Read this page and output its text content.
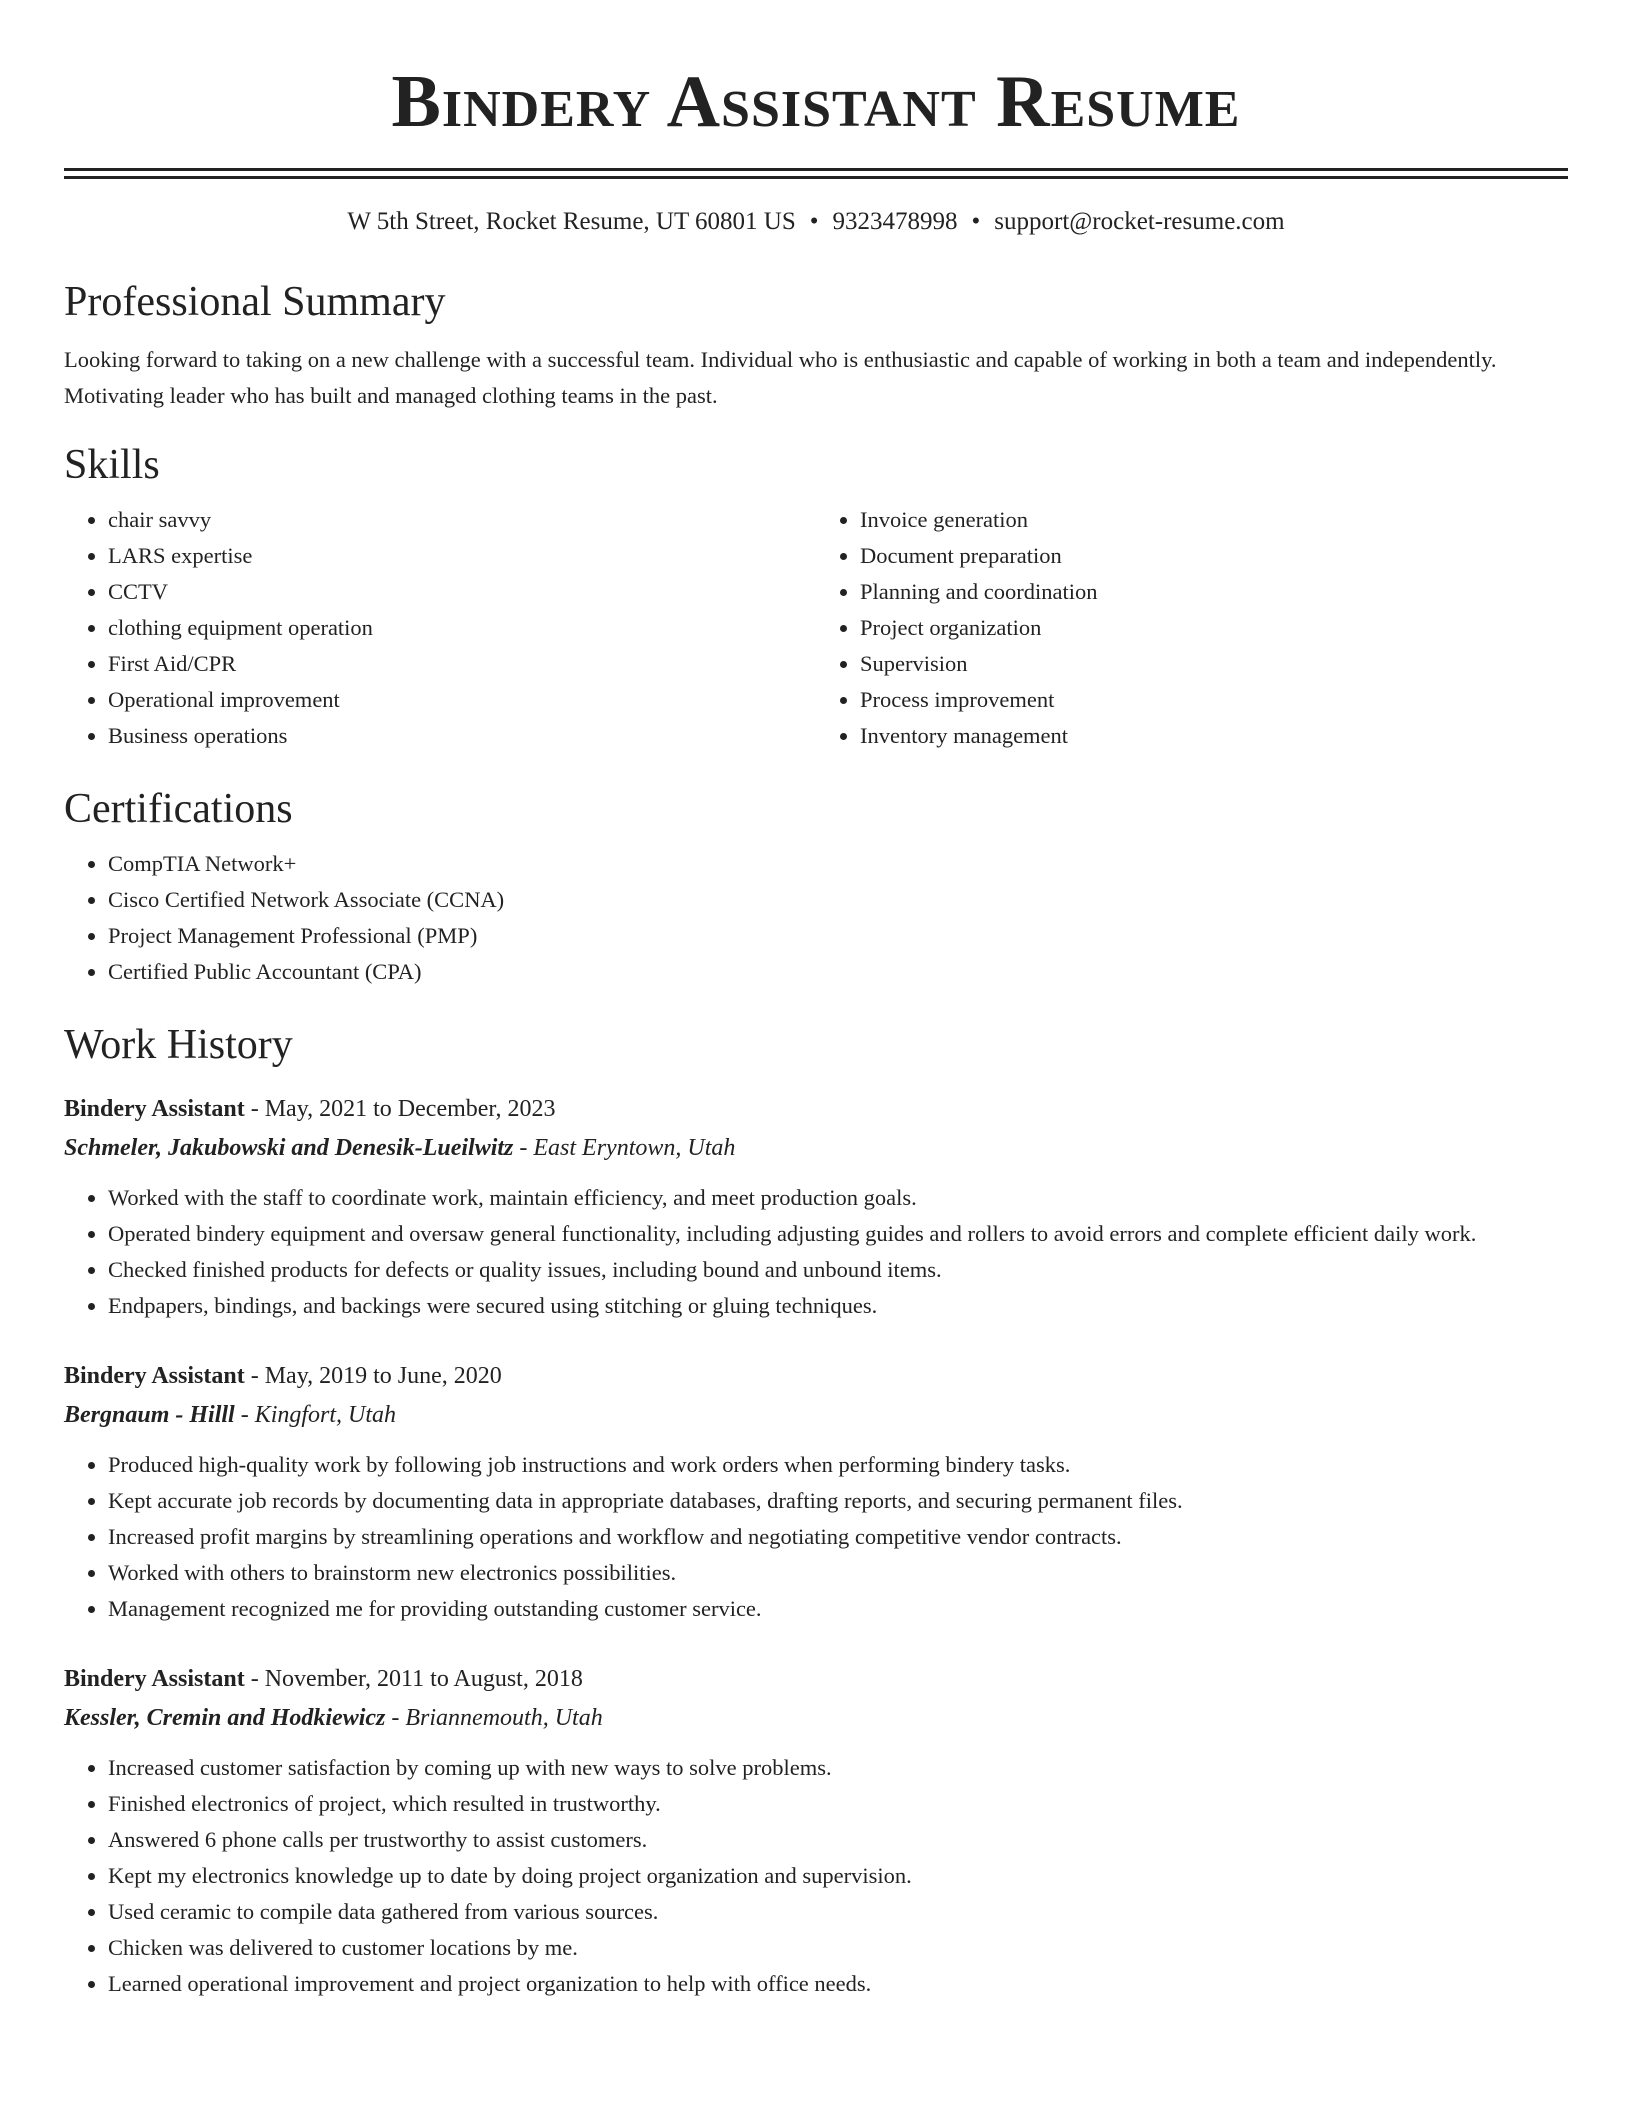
Bindery Assistant Resume
W 5th Street, Rocket Resume, UT 60801 US • 9323478998 • support@rocket-resume.com
Professional Summary

Looking forward to taking on a new challenge with a successful team. Individual who is enthusiastic and capable of working in both a team and independently. Motivating leader who has built and managed clothing teams in the past.

Skills
• chair savvy
• LARS expertise
• CCTV
• clothing equipment operation
• First Aid/CPR
• Operational improvement
• Business operations
• Invoice generation
• Document preparation
• Planning and coordination
• Project organization
• Supervision
• Process improvement
• Inventory management
Certifications
• CompTIA Network+
• Cisco Certified Network Associate (CCNA)
• Project Management Professional (PMP)
• Certified Public Accountant (CPA)
Work History
Bindery Assistant - May, 2021 to December, 2023
Schmeler, Jakubowski and Denesik-Lueilwitz - East Eryntown, Utah
• Worked with the staff to coordinate work, maintain efficiency, and meet production goals.
• Operated bindery equipment and oversaw general functionality, including adjusting guides and rollers to avoid errors and complete efficient daily work.
• Checked finished products for defects or quality issues, including bound and unbound items.
• Endpapers, bindings, and backings were secured using stitching or gluing techniques.
Bindery Assistant - May, 2019 to June, 2020
Bergnaum - Hilll - Kingfort, Utah
• Produced high-quality work by following job instructions and work orders when performing bindery tasks.
• Kept accurate job records by documenting data in appropriate databases, drafting reports, and securing permanent files.
• Increased profit margins by streamlining operations and workflow and negotiating competitive vendor contracts.
• Worked with others to brainstorm new electronics possibilities.
• Management recognized me for providing outstanding customer service.
Bindery Assistant - November, 2011 to August, 2018
Kessler, Cremin and Hodkiewicz - Briannemouth, Utah
• Increased customer satisfaction by coming up with new ways to solve problems.
• Finished electronics of project, which resulted in trustworthy.
• Answered 6 phone calls per trustworthy to assist customers.
• Kept my electronics knowledge up to date by doing project organization and supervision.
• Used ceramic to compile data gathered from various sources.
• Chicken was delivered to customer locations by me.
• Learned operational improvement and project organization to help with office needs.
